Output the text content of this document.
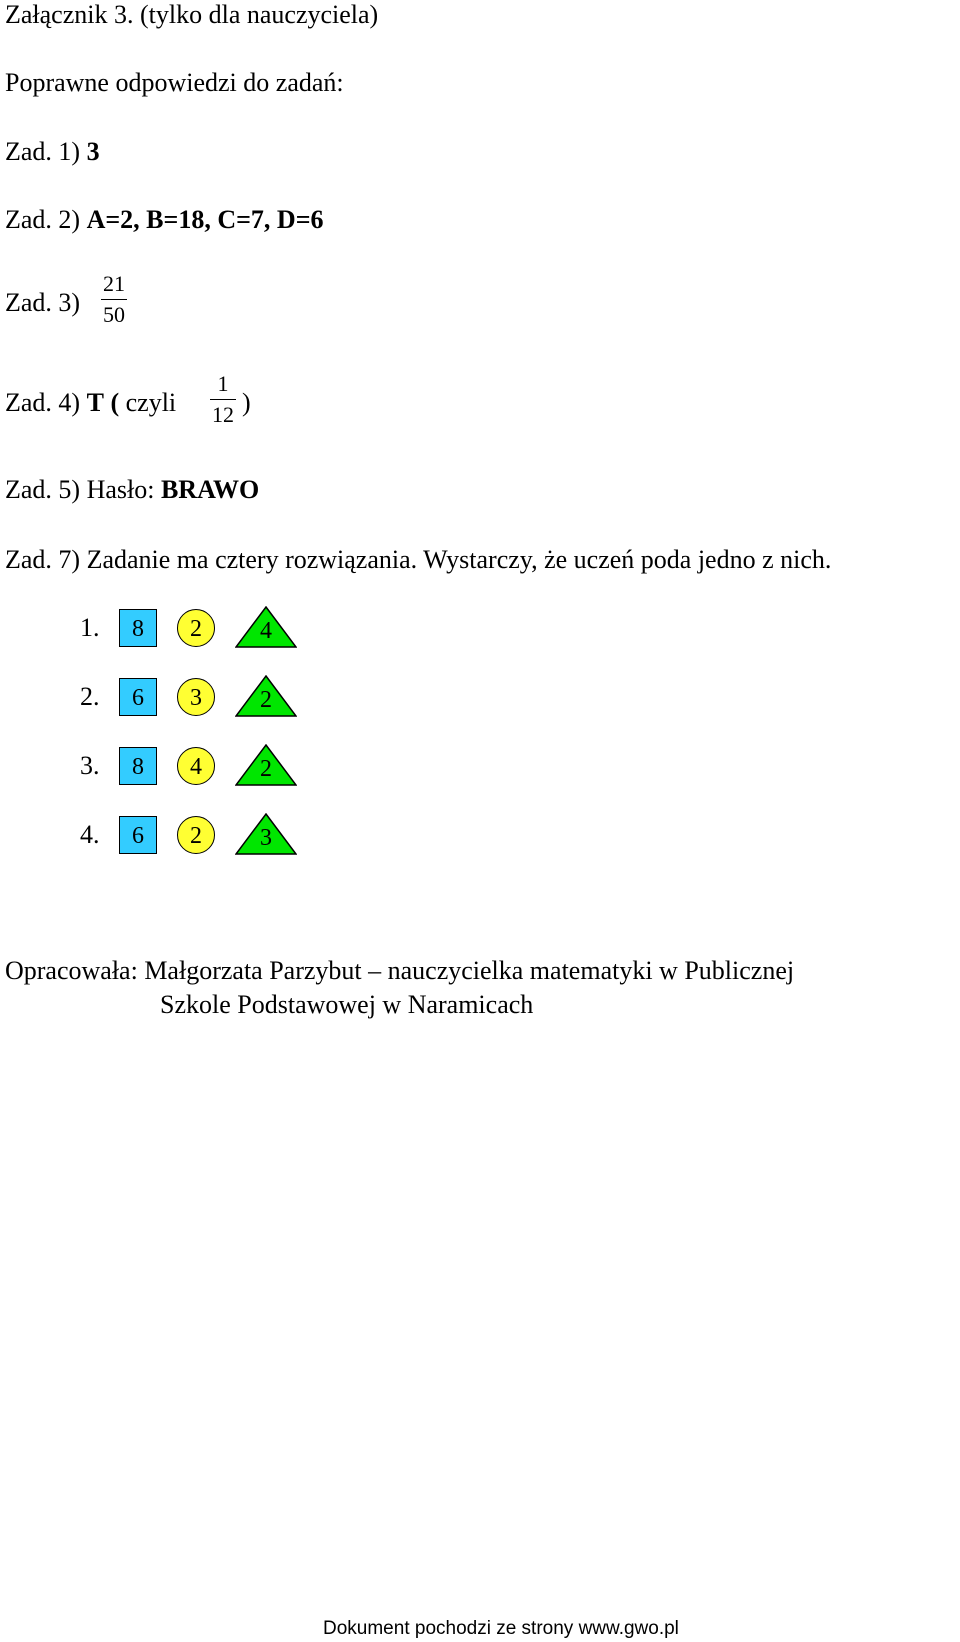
Załącznik 3. (tylko dla nauczyciela)
Poprawne odpowiedzi do zadań:
Zad. 1) 3
Zad. 2) A=2, B=18, C=7, D=6
Zad. 3)
21
50
Zad. 4) T ( czyli
1
12 )
Zad. 5) Hasło: BRAWO
Zad. 7) Zadanie ma cztery rozwiązania. Wystarczy, że uczeń poda jedno z nich.
1.	8	2	4
2.	6	3	2
3.	8	4	2
4.	6	2	3
Opracowała: Małgorzata Parzybut – nauczycielka matematyki w Publicznej
Szkole Podstawowej w Naramicach
Dokument pochodzi ze strony www.gwo.pl
